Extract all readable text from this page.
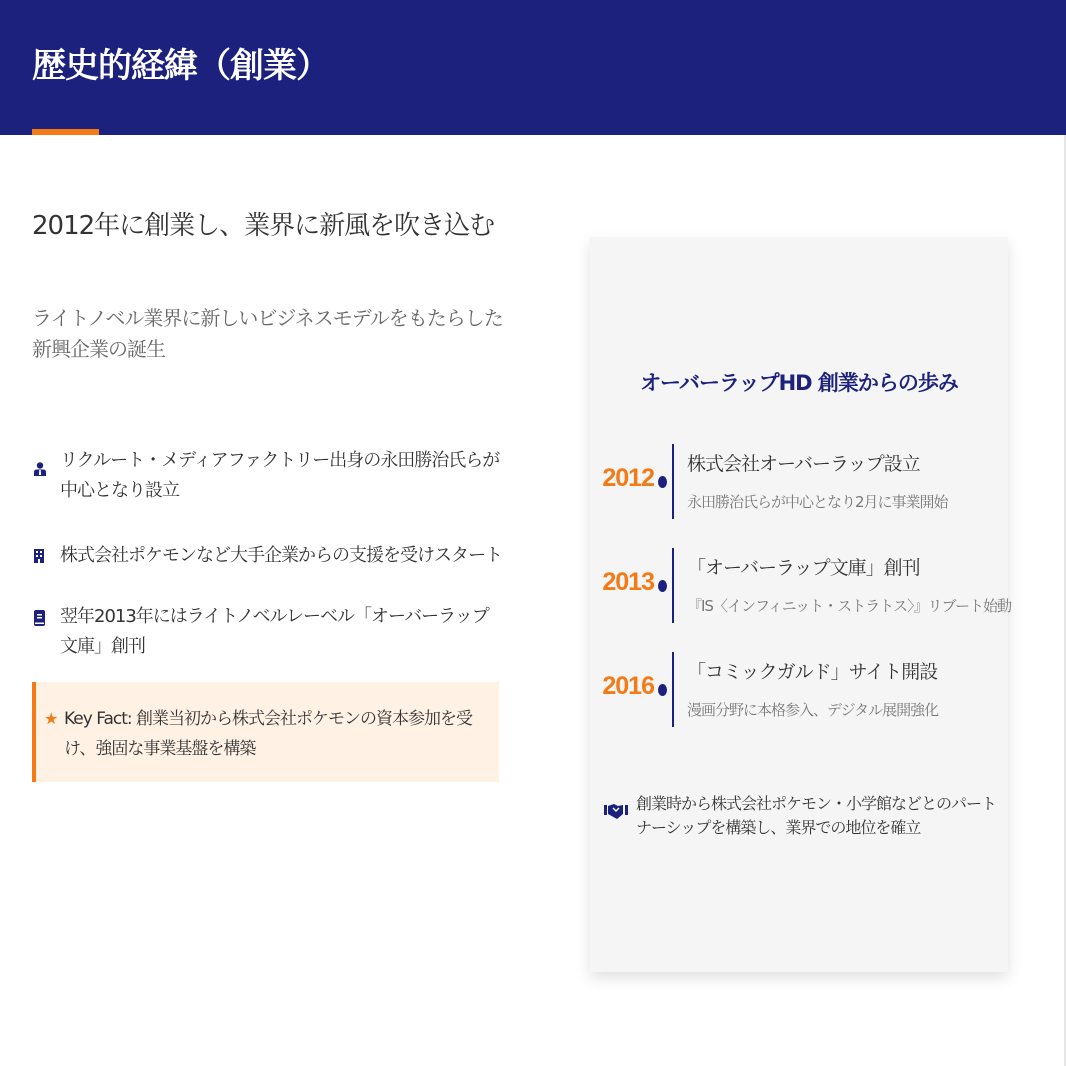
歴史的経緯（創業）
2012年に創業し、業界に新風を吹き込む
ライトノベル業界に新しいビジネスモデルをもたらした新興企業の誕生
リクルート・メディアファクトリー出身の永田勝治氏らが中心となり設立
株式会社ポケモンなど大手企業からの支援を受けスタート
翌年2013年にはライトノベルレーベル「オーバーラップ文庫」創刊
★ Key Fact: 創業当初から株式会社ポケモンの資本参加を受け、強固な事業基盤を構築
オーバーラップHD 創業からの歩み
2012 株式会社オーバーラップ設立
永田勝治氏らが中心となり2月に事業開始
2013 「オーバーラップ文庫」創刊
『IS〈インフィニット・ストラトス〉』リブート始動
2016 「コミックガルド」サイト開設
漫画分野に本格参入、デジタル展開強化
創業時から株式会社ポケモン・小学館などとのパートナーシップを構築し、業界での地位を確立
